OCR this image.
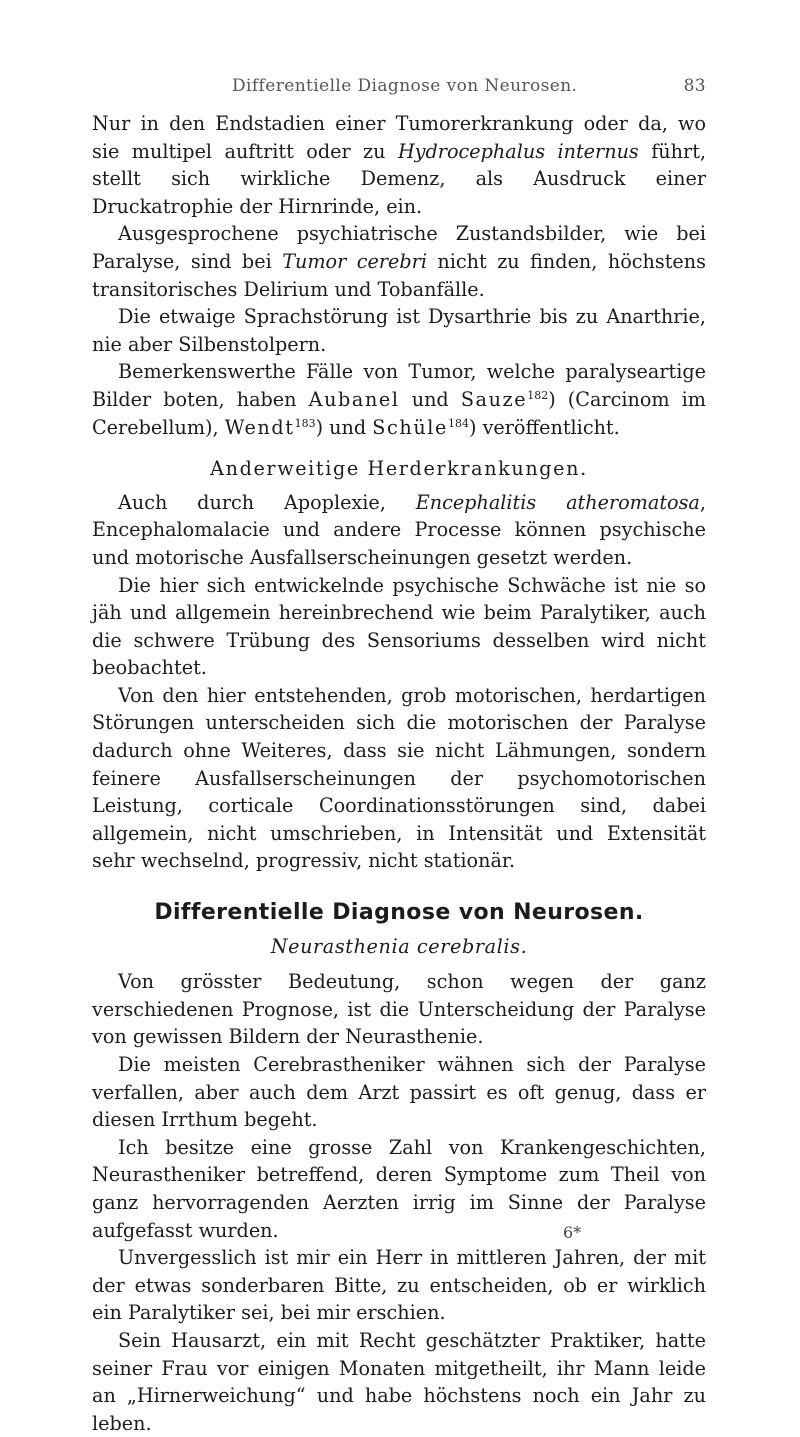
Differentielle Diagnose von Neurosen.	83

Nur in den Endstadien einer Tumorerkrankung oder da, wo sie multipel auftritt oder zu Hydrocephalus internus führt, stellt sich wirkliche Demenz, als Ausdruck einer Druckatrophie der Hirnrinde, ein.

Ausgesprochene psychiatrische Zustandsbilder, wie bei Paralyse, sind bei Tumor cerebri nicht zu finden, höchstens transitorisches Delirium und Tobanfälle.

Die etwaige Sprachstörung ist Dysarthrie bis zu Anarthrie, nie aber Silbenstolpern.

Bemerkenswerthe Fälle von Tumor, welche paralyseartige Bilder boten, haben Aubanel und Sauze$^{182}$) (Carcinom im Cerebellum), Wendt$^{183}$) und Schüle$^{184}$) veröffentlicht.

Anderweitige Herderkrankungen.

Auch durch Apoplexie, Encephalitis atheromatosa, Encephalomalacie und andere Processe können psychische und motorische Ausfallserscheinungen gesetzt werden.

Die hier sich entwickelnde psychische Schwäche ist nie so jäh und allgemein hereinbrechend wie beim Paralytiker, auch die schwere Trübung des Sensoriums desselben wird nicht beobachtet.

Von den hier entstehenden, grob motorischen, herdartigen Störungen unterscheiden sich die motorischen der Paralyse dadurch ohne Weiteres, dass sie nicht Lähmungen, sondern feinere Ausfallserscheinungen der psychomotorischen Leistung, corticale Coordinationsstörungen sind, dabei allgemein, nicht umschrieben, in Intensität und Extensität sehr wechselnd, progressiv, nicht stationär.

Differentielle Diagnose von Neurosen.

Neurasthenia cerebralis.

Von grösster Bedeutung, schon wegen der ganz verschiedenen Prognose, ist die Unterscheidung der Paralyse von gewissen Bildern der Neurasthenie.

Die meisten Cerebrastheniker wähnen sich der Paralyse verfallen, aber auch dem Arzt passirt es oft genug, dass er diesen Irrthum begeht.

Ich besitze eine grosse Zahl von Krankengeschichten, Neurastheniker betreffend, deren Symptome zum Theil von ganz hervorragenden Aerzten irrig im Sinne der Paralyse aufgefasst wurden.

Unvergesslich ist mir ein Herr in mittleren Jahren, der mit der etwas sonderbaren Bitte, zu entscheiden, ob er wirklich ein Paralytiker sei, bei mir erschien.

Sein Hausarzt, ein mit Recht geschätzter Praktiker, hatte seiner Frau vor einigen Monaten mitgetheilt, ihr Mann leide an „Hirnerweichung“ und habe höchstens noch ein Jahr zu leben.

6*
